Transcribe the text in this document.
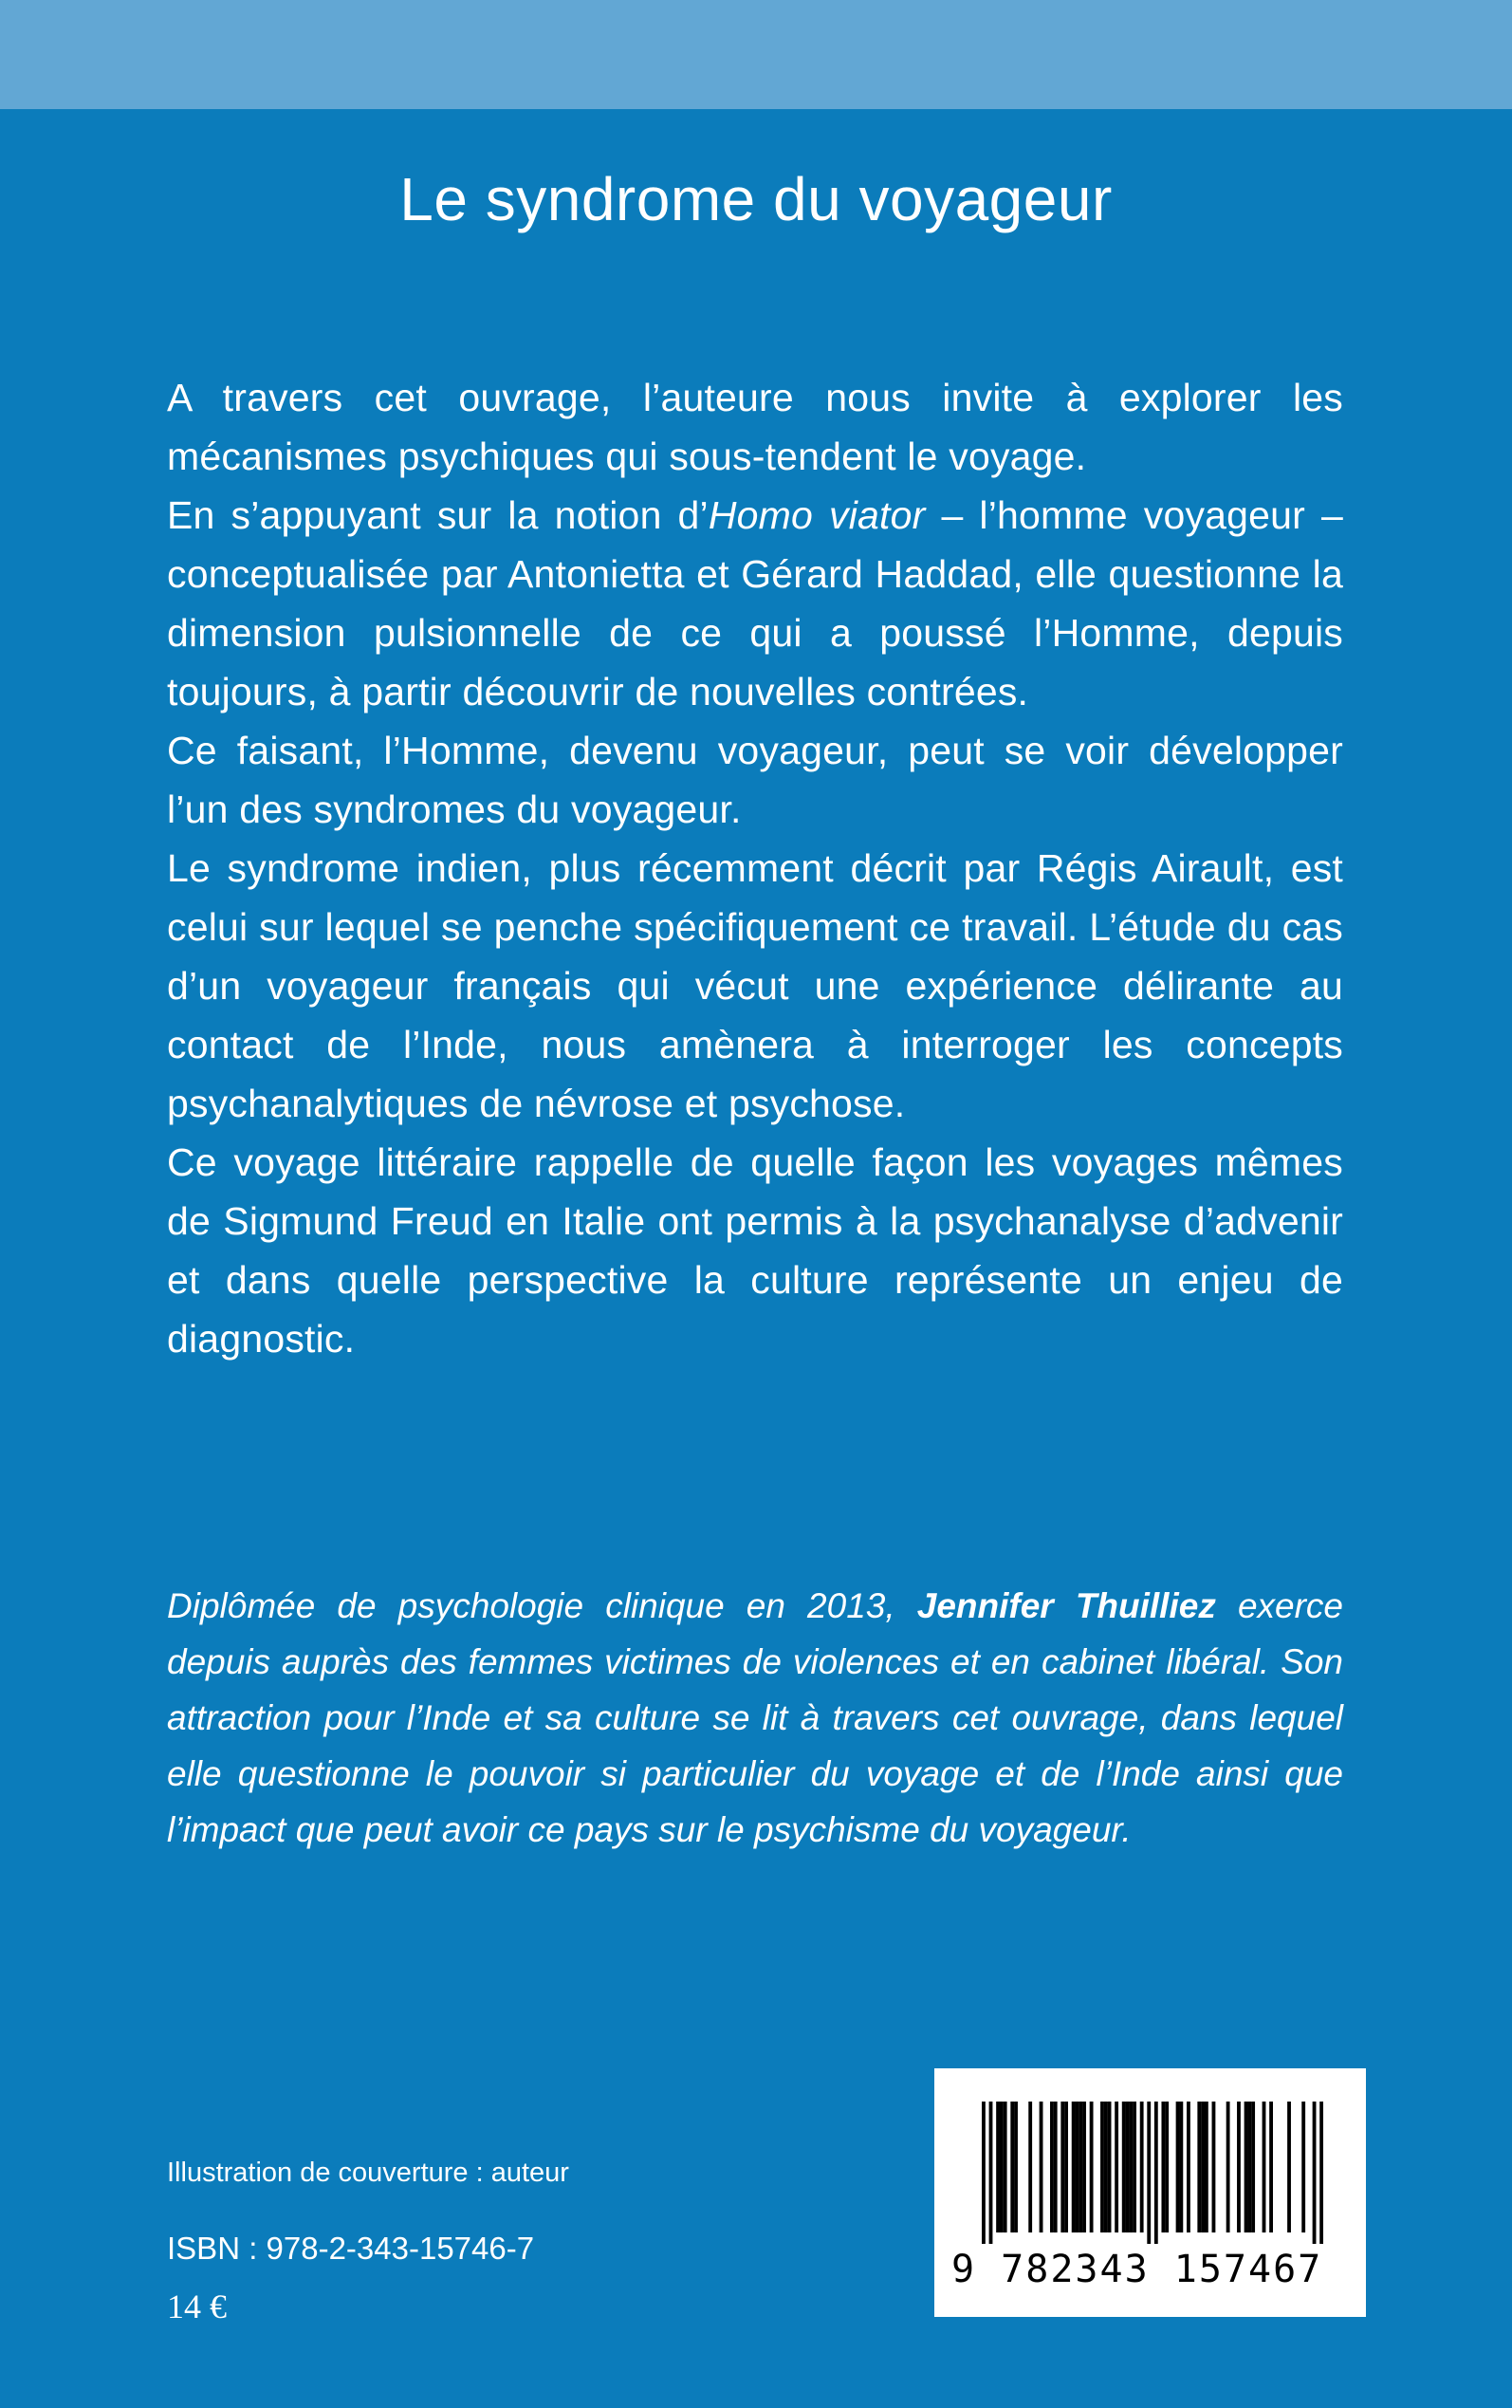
Le syndrome du voyageur

A travers cet ouvrage, l’auteure nous invite à explorer les mécanismes psychiques qui sous-tendent le voyage.

En s’appuyant sur la notion d’Homo viator – l’homme voyageur – conceptualisée par Antonietta et Gérard Haddad, elle questionne la dimension pulsionnelle de ce qui a poussé l’Homme, depuis toujours, à partir découvrir de nouvelles contrées.

Ce faisant, l’Homme, devenu voyageur, peut se voir développer l’un des syndromes du voyageur.

Le syndrome indien, plus récemment décrit par Régis Airault, est celui sur lequel se penche spécifiquement ce travail. L’étude du cas d’un voyageur français qui vécut une expérience délirante au contact de l’Inde, nous amènera à interroger les concepts psychanalytiques de névrose et psychose.

Ce voyage littéraire rappelle de quelle façon les voyages mêmes de Sigmund Freud en Italie ont permis à la psychanalyse d’advenir et dans quelle perspective la culture représente un enjeu de diagnostic.

Diplômée de psychologie clinique en 2013, Jennifer Thuilliez exerce depuis auprès des femmes victimes de violences et en cabinet libéral. Son attraction pour l’Inde et sa culture se lit à travers cet ouvrage, dans lequel elle questionne le pouvoir si particulier du voyage et de l’Inde ainsi que l’impact que peut avoir ce pays sur le psychisme du voyageur.
Illustration de couverture : auteur
ISBN : 978-2-343-15746-7
14 €
9 782343 157467
